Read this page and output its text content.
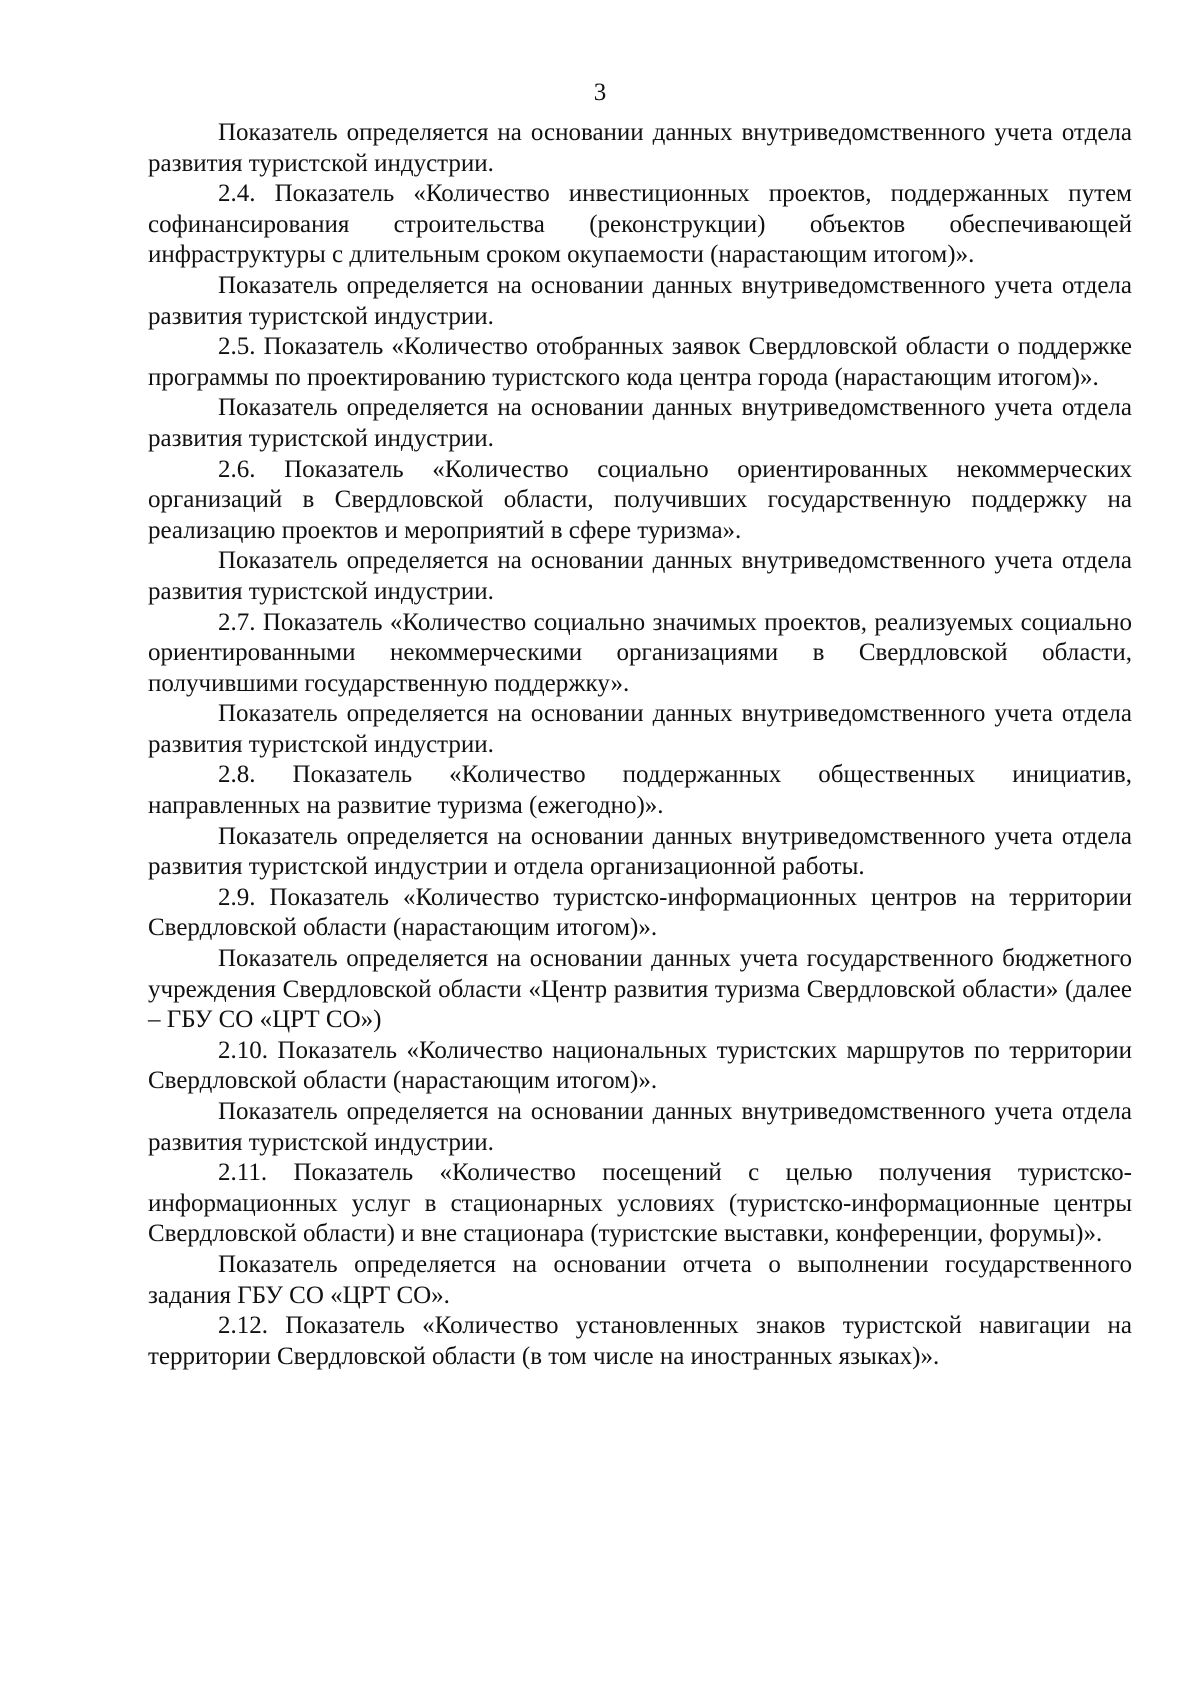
3

Показатель определяется на основании данных внутриведомственного учета отдела развития туристской индустрии.

2.4. Показатель «Количество инвестиционных проектов, поддержанных путем софинансирования строительства (реконструкции) объектов обеспечивающей инфраструктуры с длительным сроком окупаемости (нарастающим итогом)».

Показатель определяется на основании данных внутриведомственного учета отдела развития туристской индустрии.

2.5. Показатель «Количество отобранных заявок Свердловской области о поддержке программы по проектированию туристского кода центра города (нарастающим итогом)».

Показатель определяется на основании данных внутриведомственного учета отдела развития туристской индустрии.

2.6. Показатель «Количество социально ориентированных некоммерческих организаций в Свердловской области, получивших государственную поддержку на реализацию проектов и мероприятий в сфере туризма».

Показатель определяется на основании данных внутриведомственного учета отдела развития туристской индустрии.

2.7. Показатель «Количество социально значимых проектов, реализуемых социально ориентированными некоммерческими организациями в Свердловской области, получившими государственную поддержку».

Показатель определяется на основании данных внутриведомственного учета отдела развития туристской индустрии.

2.8. Показатель «Количество поддержанных общественных инициатив, направленных на развитие туризма (ежегодно)».

Показатель определяется на основании данных внутриведомственного учета отдела развития туристской индустрии и отдела организационной работы.

2.9. Показатель «Количество туристско-информационных центров на территории Свердловской области (нарастающим итогом)».

Показатель определяется на основании данных учета государственного бюджетного учреждения Свердловской области «Центр развития туризма Свердловской области» (далее – ГБУ СО «ЦРТ СО»)

2.10. Показатель «Количество национальных туристских маршрутов по территории Свердловской области (нарастающим итогом)».

Показатель определяется на основании данных внутриведомственного учета отдела развития туристской индустрии.

2.11. Показатель «Количество посещений с целью получения туристско-информационных услуг в стационарных условиях (туристско-информационные центры Свердловской области) и вне стационара (туристские выставки, конференции, форумы)».

Показатель определяется на основании отчета о выполнении государственного задания ГБУ СО «ЦРТ СО».

2.12. Показатель «Количество установленных знаков туристской навигации на территории Свердловской области (в том числе на иностранных языках)».
